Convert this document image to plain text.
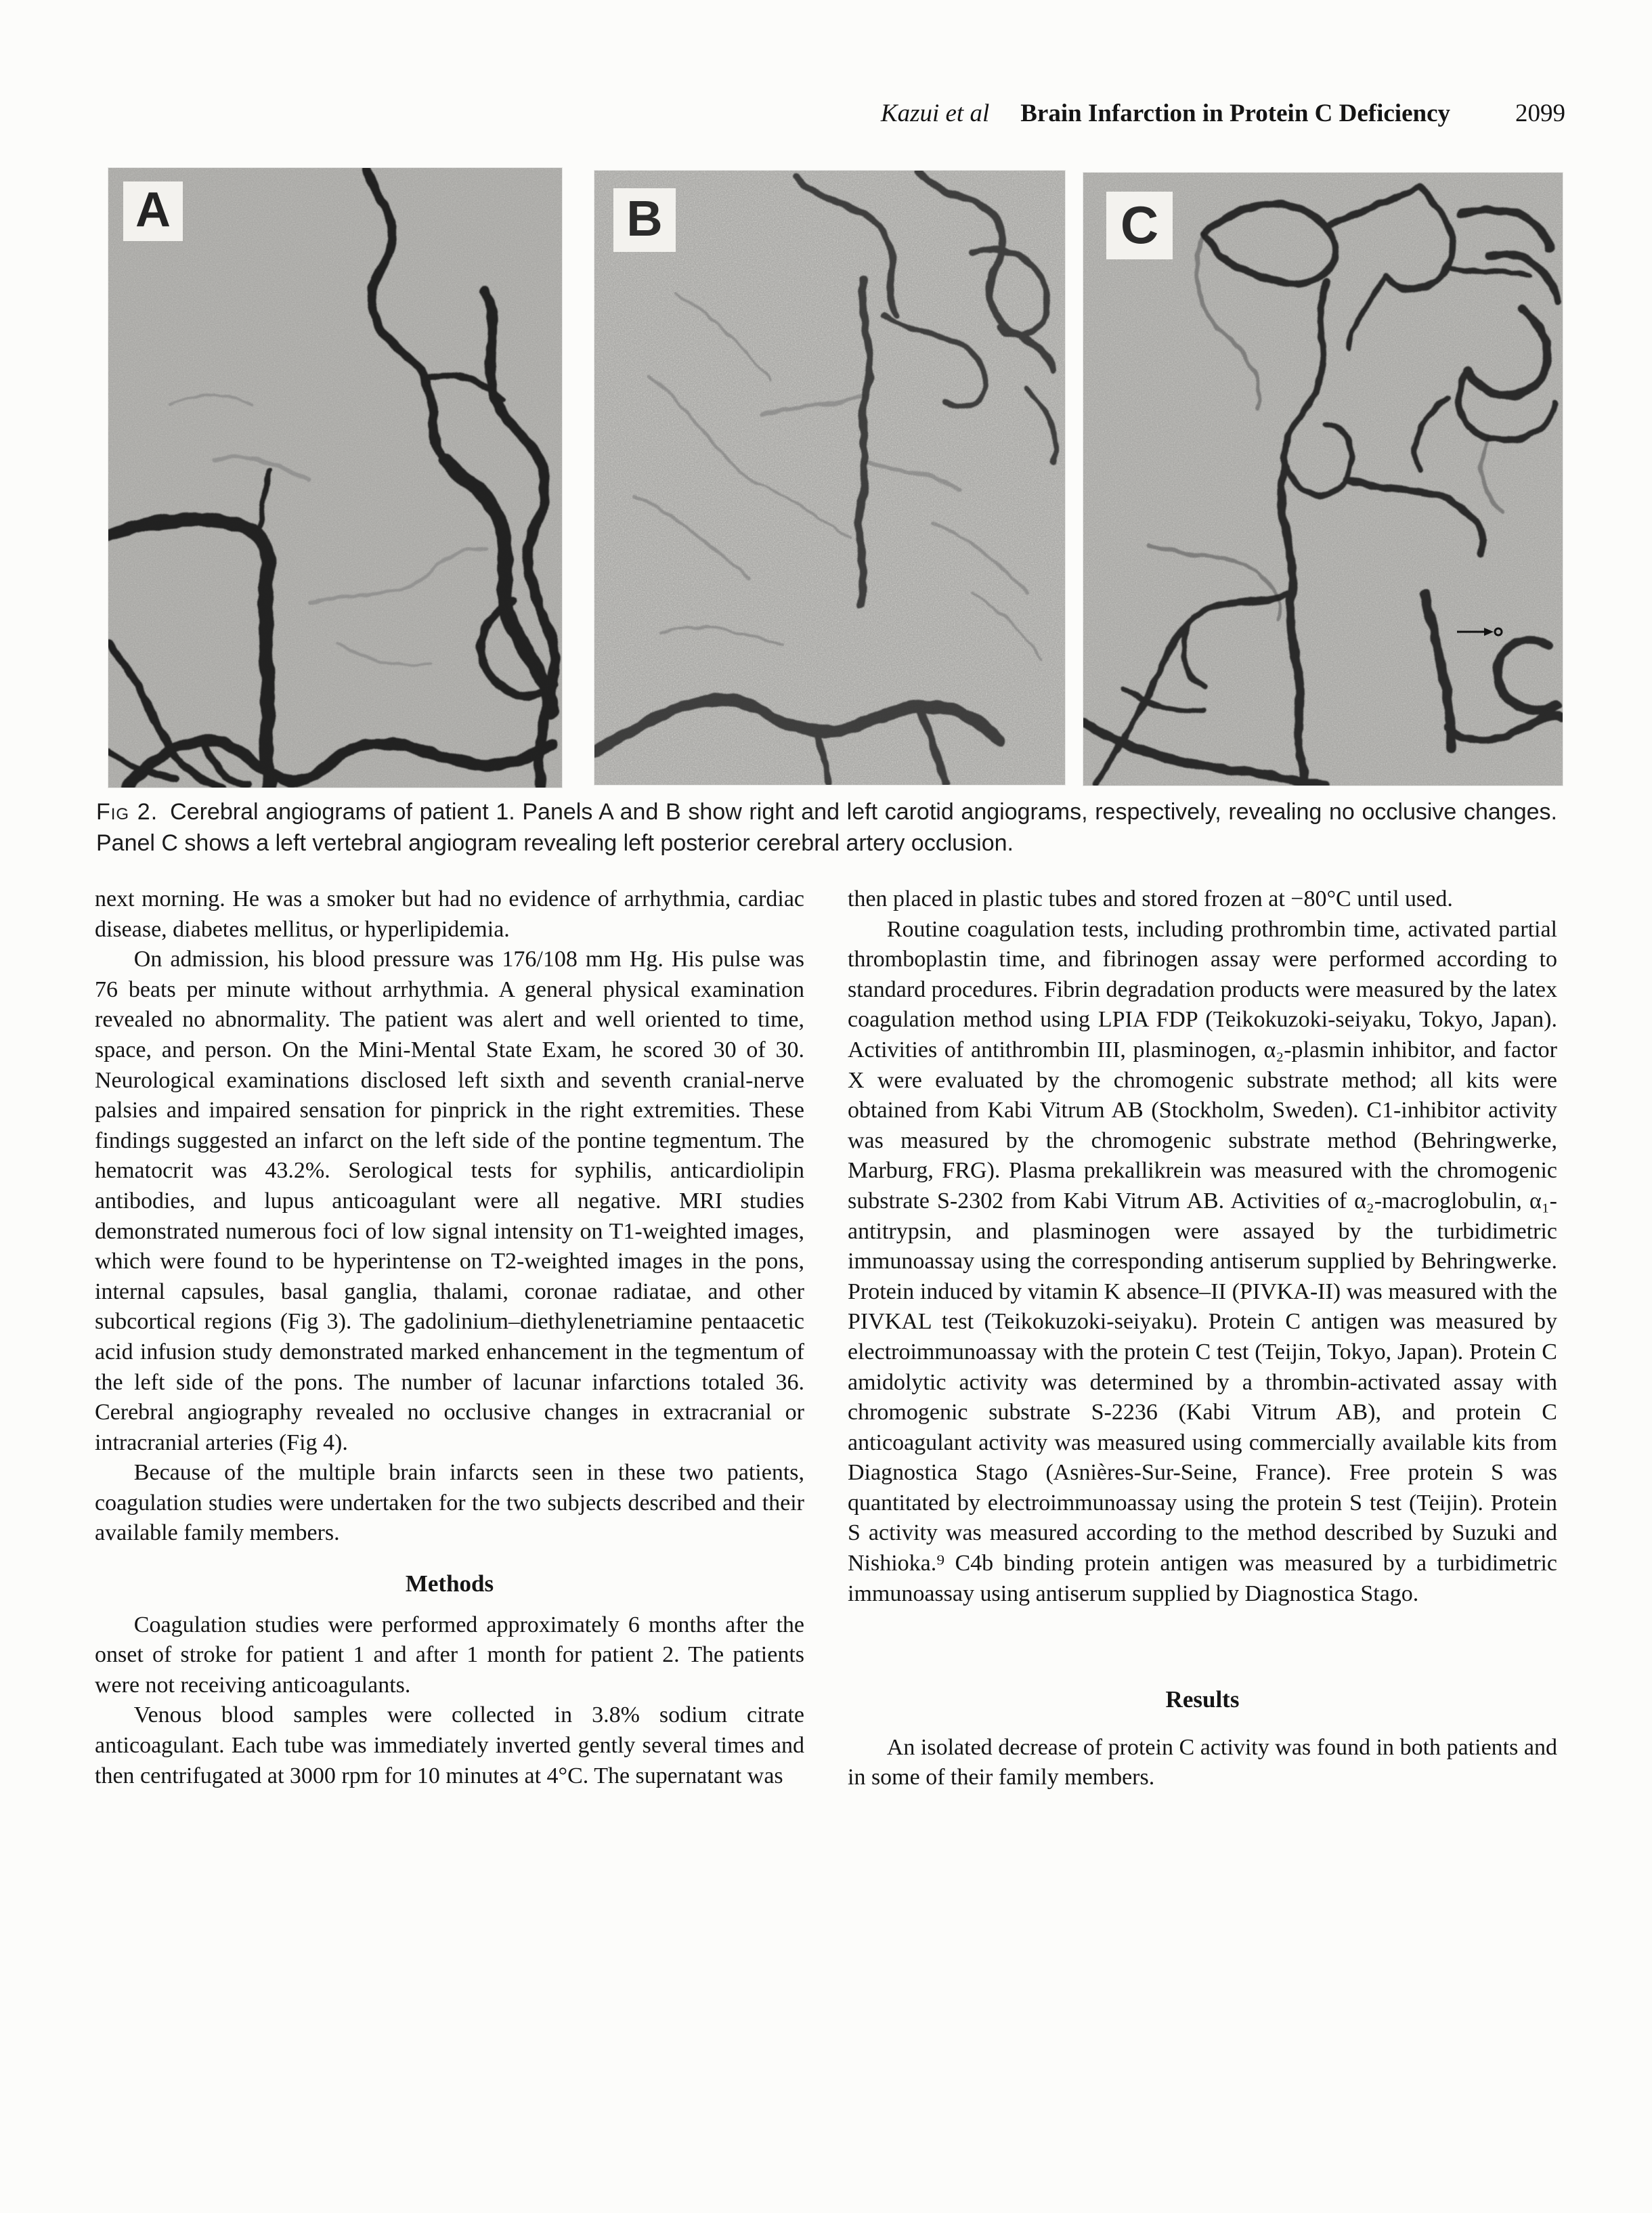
Kazui et al Brain Infarction in Protein C Deficiency	2099
A	B	C
Fig 2. Cerebral angiograms of patient 1. Panels A and B show right and left carotid angiograms, respectively, revealing no occlusive changes. Panel C shows a left vertebral angiogram revealing left posterior cerebral artery occlusion.

next morning. He was a smoker but had no evidence of arrhythmia, cardiac disease, diabetes mellitus, or hyperlipidemia.

On admission, his blood pressure was 176/108 mm Hg. His pulse was 76 beats per minute without arrhythmia. A general physical examination revealed no abnormality. The patient was alert and well oriented to time, space, and person. On the Mini-Mental State Exam, he scored 30 of 30. Neurological examinations disclosed left sixth and seventh cranial-nerve palsies and impaired sensation for pinprick in the right extremities. These findings suggested an infarct on the left side of the pontine tegmentum. The hematocrit was 43.2%. Serological tests for syphilis, anticardiolipin antibodies, and lupus anticoagulant were all negative. MRI studies demonstrated numerous foci of low signal intensity on T1-weighted images, which were found to be hyperintense on T2-weighted images in the pons, internal capsules, basal ganglia, thalami, coronae radiatae, and other subcortical regions (Fig 3). The gadolinium–diethylenetriamine pentaacetic acid infusion study demonstrated marked enhancement in the tegmentum of the left side of the pons. The number of lacunar infarctions totaled 36. Cerebral angiography revealed no occlusive changes in extracranial or intracranial arteries (Fig 4).

Because of the multiple brain infarcts seen in these two patients, coagulation studies were undertaken for the two subjects described and their available family members.

Methods

Coagulation studies were performed approximately 6 months after the onset of stroke for patient 1 and after 1 month for patient 2. The patients were not receiving anticoagulants.

Venous blood samples were collected in 3.8% sodium citrate anticoagulant. Each tube was immediately inverted gently several times and then centrifugated at 3000 rpm for 10 minutes at 4°C. The supernatant was

then placed in plastic tubes and stored frozen at −80°C until used.

Routine coagulation tests, including prothrombin time, activated partial thromboplastin time, and fibrinogen assay were performed according to standard procedures. Fibrin degradation products were measured by the latex coagulation method using LPIA FDP (Teikokuzoki-seiyaku, Tokyo, Japan). Activities of antithrombin III, plasminogen, α₂-plasmin inhibitor, and factor X were evaluated by the chromogenic substrate method; all kits were obtained from Kabi Vitrum AB (Stockholm, Sweden). C1-inhibitor activity was measured by the chromogenic substrate method (Behringwerke, Marburg, FRG). Plasma prekallikrein was measured with the chromogenic substrate S-2302 from Kabi Vitrum AB. Activities of α₂-macroglobulin, α₁-antitrypsin, and plasminogen were assayed by the turbidimetric immunoassay using the corresponding antiserum supplied by Behringwerke. Protein induced by vitamin K absence–II (PIVKA-II) was measured with the PIVKAL test (Teikokuzoki-seiyaku). Protein C antigen was measured by electroimmunoassay with the protein C test (Teijin, Tokyo, Japan). Protein C amidolytic activity was determined by a thrombin-activated assay with chromogenic substrate S-2236 (Kabi Vitrum AB), and protein C anticoagulant activity was measured using commercially available kits from Diagnostica Stago (Asnières-Sur-Seine, France). Free protein S was quantitated by electroimmunoassay using the protein S test (Teijin). Protein S activity was measured according to the method described by Suzuki and Nishioka.⁹ C4b binding protein antigen was measured by a turbidimetric immunoassay using antiserum supplied by Diagnostica Stago.

Results

An isolated decrease of protein C activity was found in both patients and in some of their family members.
